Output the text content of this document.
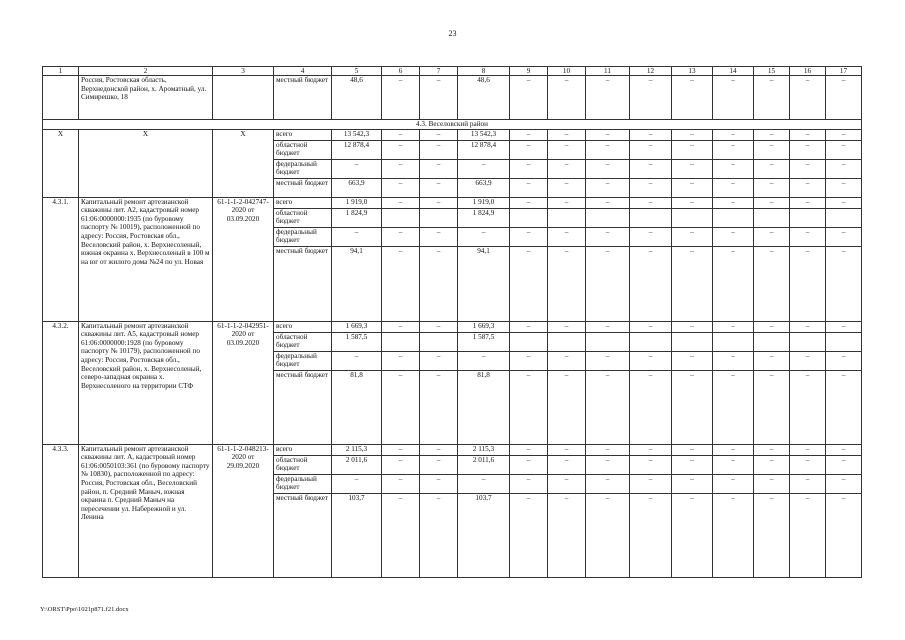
23
1	2	3	4	5	6	7	8	9	10	11	12	13	14	15	16	17	
	Россия, Ростовская область, Верхнедонской район, х. Ароматный, ул. Симирешко, 18		местный бюджет	48,6	–	–	48,6	–	–	–	–	–	–	–	–	–	
4.3. Веселовский район																	
Х	Х	Х	всего	13 542,3	–	–	13 542,3	–	–	–	–	–	–	–	–	–	
			областной бюджет	12 878,4	–	–	12 878,4	–	–	–	–	–	–	–	–	–	
			федеральный бюджет	–	–	–	–	–	–	–	–	–	–	–	–	–	
			местный бюджет	663,9	–	–	663,9	–	–	–	–	–	–	–	–	–	
4.3.1.	Капитальный ремонт артезианской скважины лит. А2, кадастровый номер 61:06:0000000:1935 (по буровому паспорту № 10019), расположенной по адресу: Россия, Ростовская обл., Веселовский район, х. Верхнесоленый, южная окраина х. Верхнесоленый в 100 м на юг от жилого дома №24 по ул. Новая	61-1-1-2-042747-2020 от 03.09.2020	всего	1 919,0	–	–	1 919,0	–	–	–	–	–	–	–	–	–	
			областной бюджет	1 824,9			1 824,9										
			федеральный бюджет	–	–	–	–	–	–	–	–	–	–	–	–	–	
			местный бюджет	94,1	–	–	94,1	–	–	–	–	–	–	–	–	–	
4.3.2.	Капитальный ремонт артезианской скважины лит. А5, кадастровый номер 61:06:0000000:1928 (по буровому паспорту № 10179), расположенной по адресу: Россия, Ростовская обл., Веселовский район, х. Верхнесоленый, северо-западная окраина х. Верхнесоленого на территории СТФ	61-1-1-2-042951-2020 от 03.09.2020	всего	1 669,3	–	–	1 669,3	–	–	–	–	–	–	–	–	–	
			областной бюджет	1 587,5			1 587,5										
			федеральный бюджет	–	–	–	–	–	–	–	–	–	–	–	–	–	
			местный бюджет	81,8	–	–	81,8	–	–	–	–	–	–	–	–	–	
4.3.3.	Капитальный ремонт артезианской скважины лит. А, кадастровый номер 61:06:0050103:361 (по буровому паспорту № 10830), расположенной по адресу: Россия, Ростовская обл., Веселовский район, п. Средний Маныч, южная окраина п. Средний Маныч на пересечении ул. Набережной и ул. Ленина	61-1-1-2-048213-2020 от 29.09.2020	всего	2 115,3	–	–	2 115,3	–	–	–	–	–	–	–	–	–	
			областной бюджет	2 011,6	–	–	2 011,6	–	–	–	–	–	–	–	–	–	
			федеральный бюджет	–	–	–	–	–	–	–	–	–	–	–	–	–	
			местный бюджет	103,7	–	–	103,7	–	–	–	–	–	–	–	–	–	
Y:\ORST\Ppo\1021p871.f21.docx
